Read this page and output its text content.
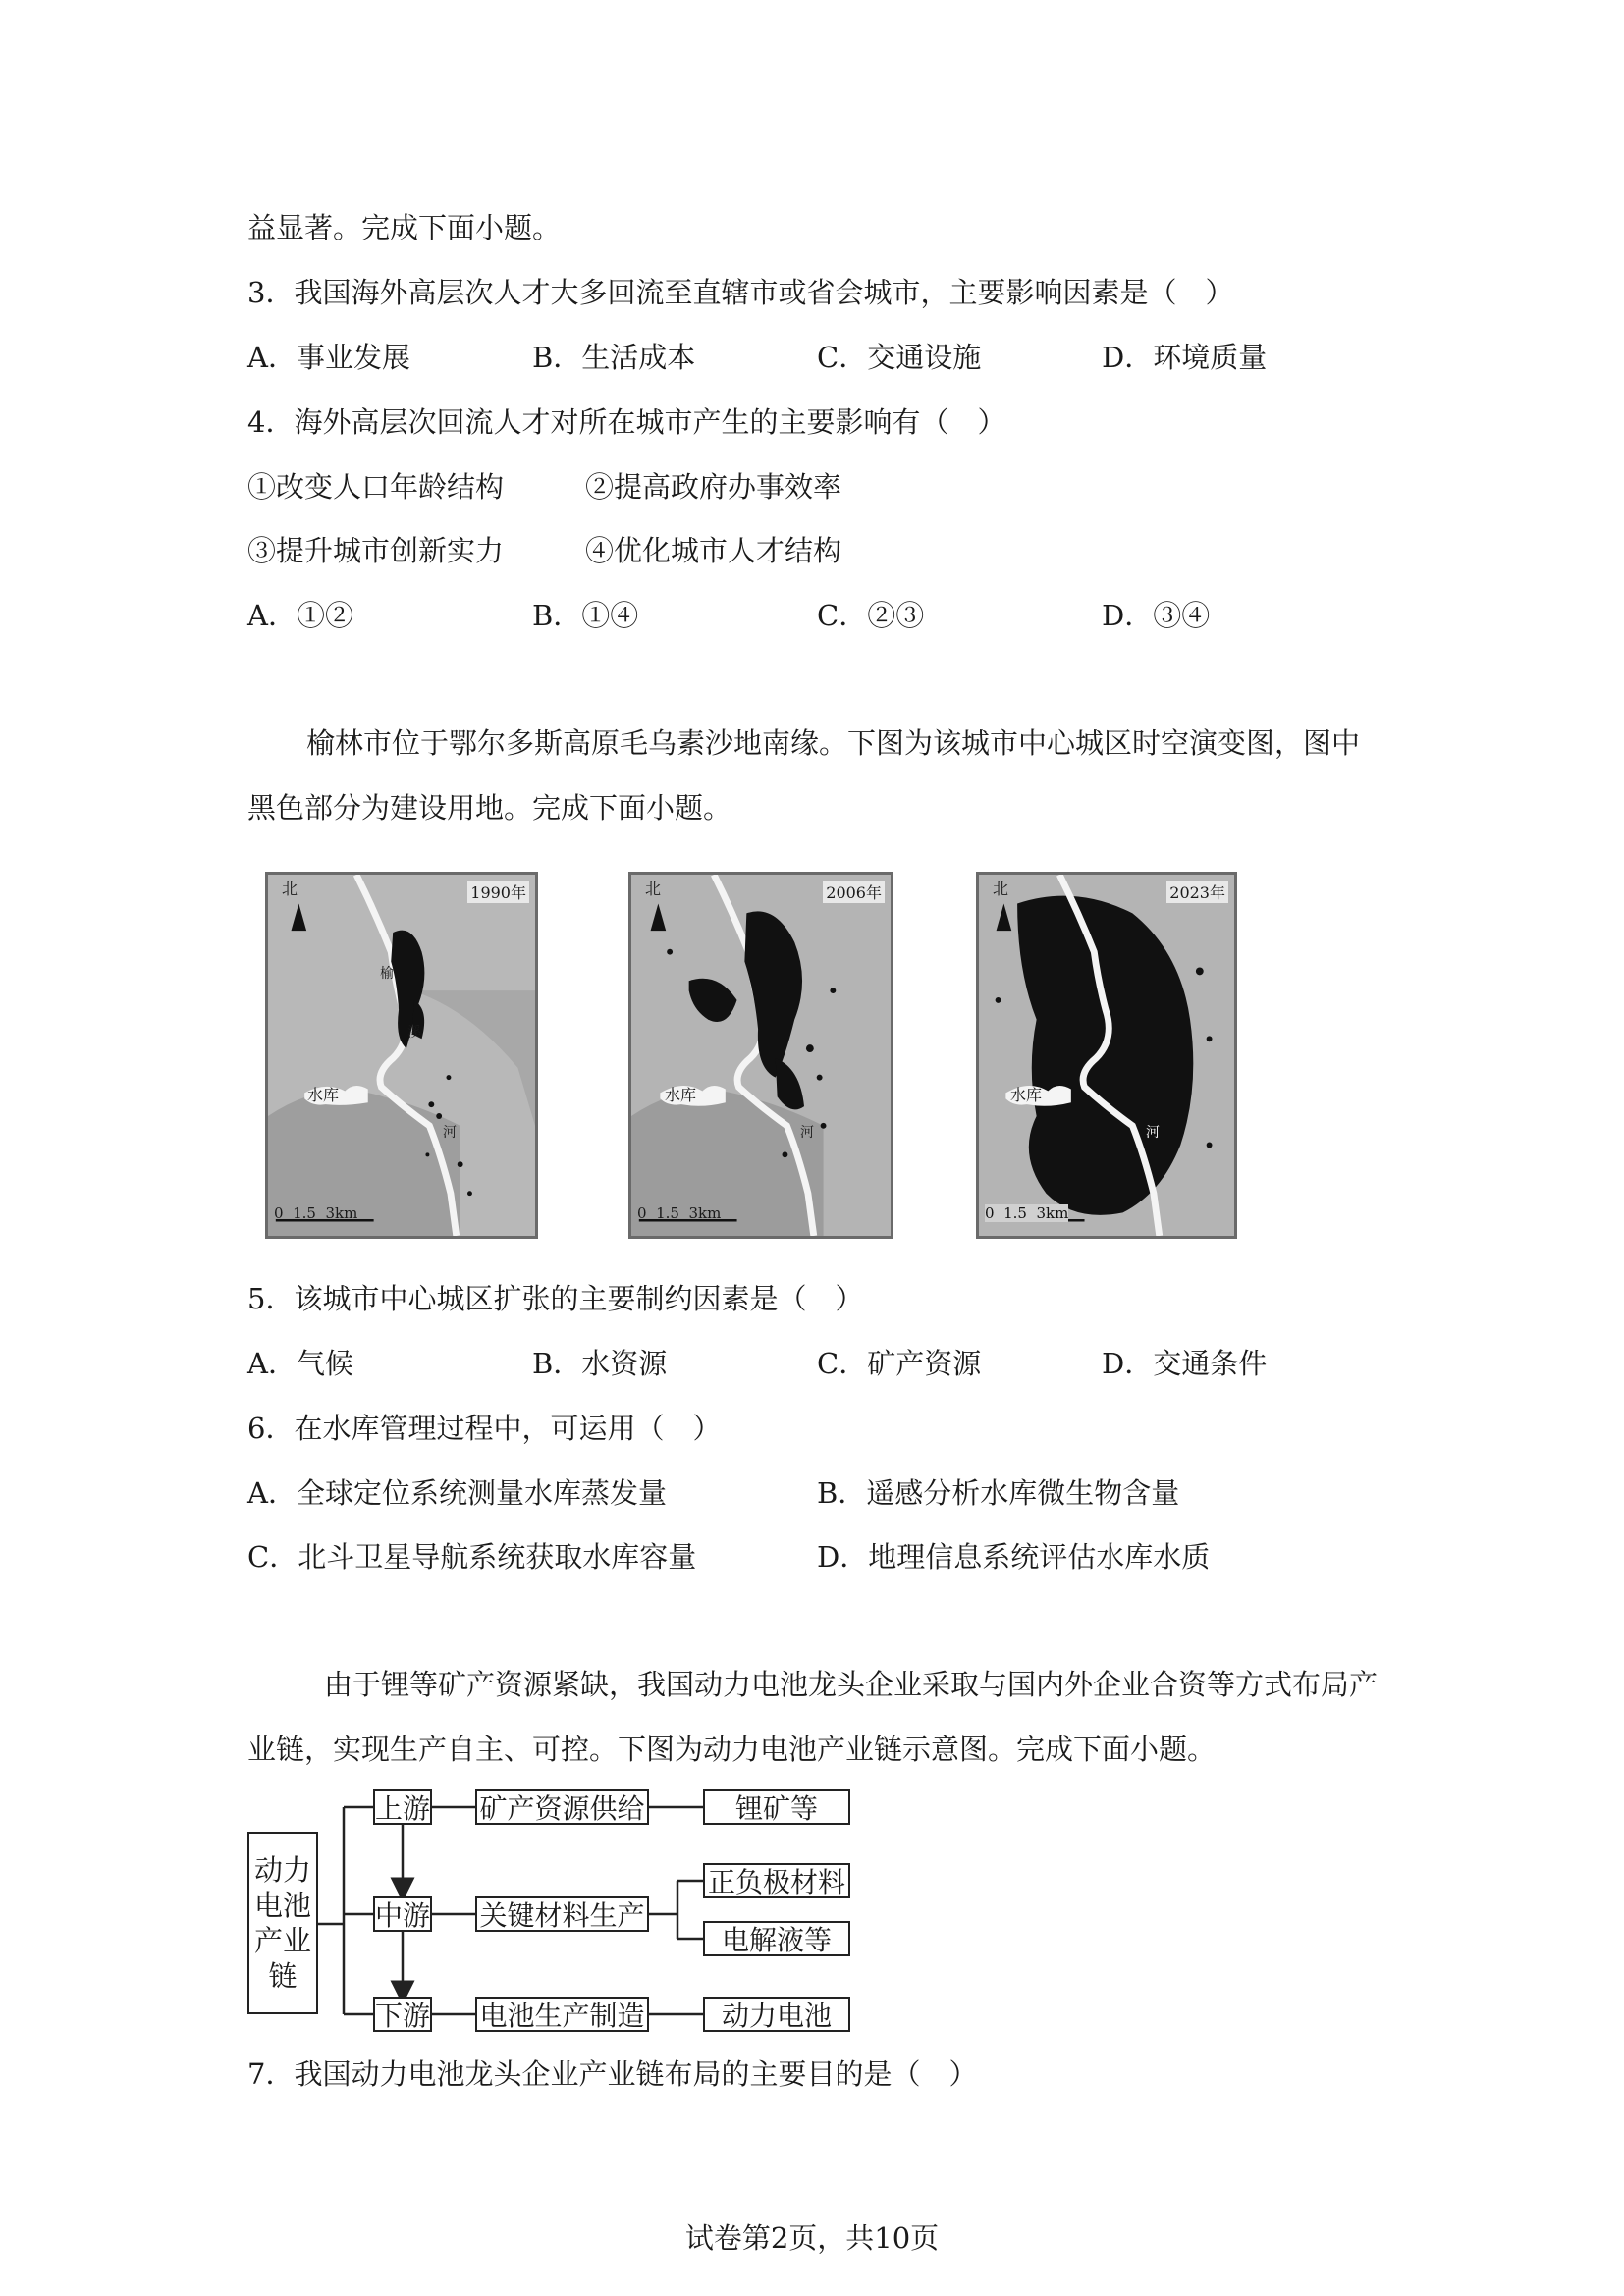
益显著。完成下面小题。
3．我国海外高层次人才大多回流至直辖市或省会城市，主要影响因素是（　）
A．事业发展	B．生活成本	C．交通设施	D．环境质量
4．海外高层次回流人才对所在城市产生的主要影响有（　）
①改变人口年龄结构	②提高政府办事效率
③提升城市创新实力	④优化城市人才结构
A．①②	B．①④	C．②③	D．③④
榆林市位于鄂尔多斯高原毛乌素沙地南缘。下图为该城市中心城区时空演变图，图中
黑色部分为建设用地。完成下面小题。
北	1990年
榆
溪
河
水库
0  1.5  3km
北	2006年
河
水库
0  1.5  3km
北	2023年
河
水库
0  1.5  3km
5．该城市中心城区扩张的主要制约因素是（　）
A．气候	B．水资源	C．矿产资源	D．交通条件
6．在水库管理过程中，可运用（　）
A．全球定位系统测量水库蒸发量	B．遥感分析水库微生物含量
C．北斗卫星导航系统获取水库容量	D．地理信息系统评估水库水质
由于锂等矿产资源紧缺，我国动力电池龙头企业采取与国内外企业合资等方式布局产
业链，实现生产自主、可控。下图为动力电池产业链示意图。完成下面小题。
动力
电池
产业
链
上游
中游
下游
矿产资源供给
关键材料生产
电池生产制造
锂矿等
正负极材料
电解液等
动力电池
7．我国动力电池龙头企业产业链布局的主要目的是（　）
试卷第2页，共10页
